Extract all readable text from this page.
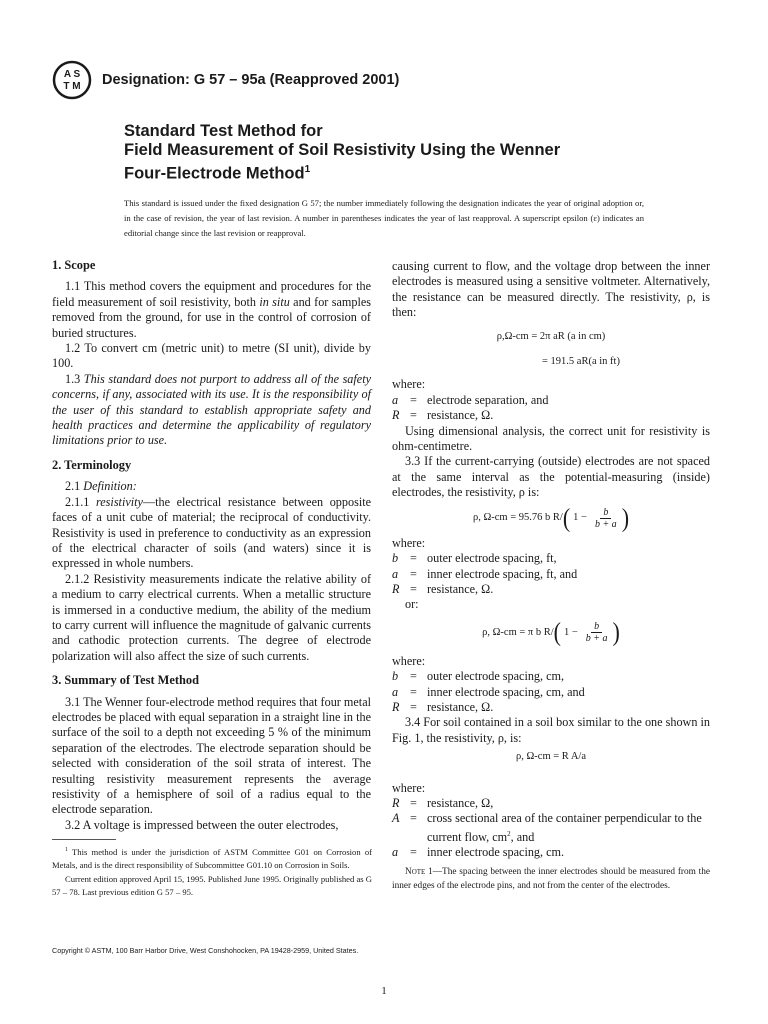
A S
T M Designation: G 57 – 95a (Reapproved 2001)
Standard Test Method for
Field Measurement of Soil Resistivity Using the Wenner
Four-Electrode Method$^1$
This standard is issued under the fixed designation G 57; the number immediately following the designation indicates the year of original adoption or, in the case of revision, the year of last revision. A number in parentheses indicates the year of last reapproval. A superscript epsilon (ε) indicates an editorial change since the last revision or reapproval.
1. Scope

1.1 This method covers the equipment and procedures for the field measurement of soil resistivity, both in situ and for samples removed from the ground, for use in the control of corrosion of buried structures.

1.2 To convert cm (metric unit) to metre (SI unit), divide by 100.

1.3 This standard does not purport to address all of the safety concerns, if any, associated with its use. It is the responsibility of the user of this standard to establish appropriate safety and health practices and determine the applicability of regulatory limitations prior to use.

2. Terminology

2.1 Definition:

2.1.1 resistivity—the electrical resistance between opposite faces of a unit cube of material; the reciprocal of conductivity. Resistivity is used in preference to conductivity as an expression of the electrical character of soils (and waters) since it is expressed in whole numbers.

2.1.2 Resistivity measurements indicate the relative ability of a medium to carry electrical currents. When a metallic structure is immersed in a conductive medium, the ability of the medium to carry current will influence the magnitude of galvanic currents and cathodic protection currents. The degree of electrode polarization will also affect the size of such currents.

3. Summary of Test Method

3.1 The Wenner four-electrode method requires that four metal electrodes be placed with equal separation in a straight line in the surface of the soil to a depth not exceeding 5 % of the minimum separation of the electrodes. The electrode separation should be selected with consideration of the soil strata of interest. The resulting resistivity measurement represents the average resistivity of a hemisphere of soil of a radius equal to the electrode separation.

3.2 A voltage is impressed between the outer electrodes,

causing current to flow, and the voltage drop between the inner electrodes is measured using a sensitive voltmeter. Alternatively, the resistance can be measured directly. The resistivity, ρ, is then:

ρ,Ω-cm = 2π aR (a in cm)
= 191.5 aR(a in ft)

where:

a = electrode separation, and
R = resistance, Ω.

Using dimensional analysis, the correct unit for resistivity is ohm-centimetre.

3.3 If the current-carrying (outside) electrodes are not spaced at the same interval as the potential-measuring (inside) electrodes, the resistivity, ρ is:

ρ, Ω-cm = 95.76 b R/ ( $1 - \frac{b}{b + a}$ )

where:

b = outer electrode spacing, ft,
a = inner electrode spacing, ft, and
R = resistance, Ω.

or:

ρ, Ω-cm = π b R/ ( $1 - \frac{b}{b + a}$ )

where:

b = outer electrode spacing, cm,
a = inner electrode spacing, cm, and
R = resistance, Ω.

3.4 For soil contained in a soil box similar to the one shown in Fig. 1, the resistivity, ρ, is:

ρ, Ω-cm = R A/a

where:

R = resistance, Ω,
A = cross sectional area of the container perpendicular to the current flow, $cm^2$, and
a = inner electrode spacing, cm.

Note 1—The spacing between the inner electrodes should be measured from the inner edges of the electrode pins, and not from the center of the electrodes.

$^1$ This method is under the jurisdiction of ASTM Committee G01 on Corrosion of Metals, and is the direct responsibility of Subcommittee G01.10 on Corrosion in Soils.

Current edition approved April 15, 1995. Published June 1995. Originally published as G 57 – 78. Last previous edition G 57 – 95.

Copyright © ASTM, 100 Barr Harbor Drive, West Conshohocken, PA 19428-2959, United States.
1
